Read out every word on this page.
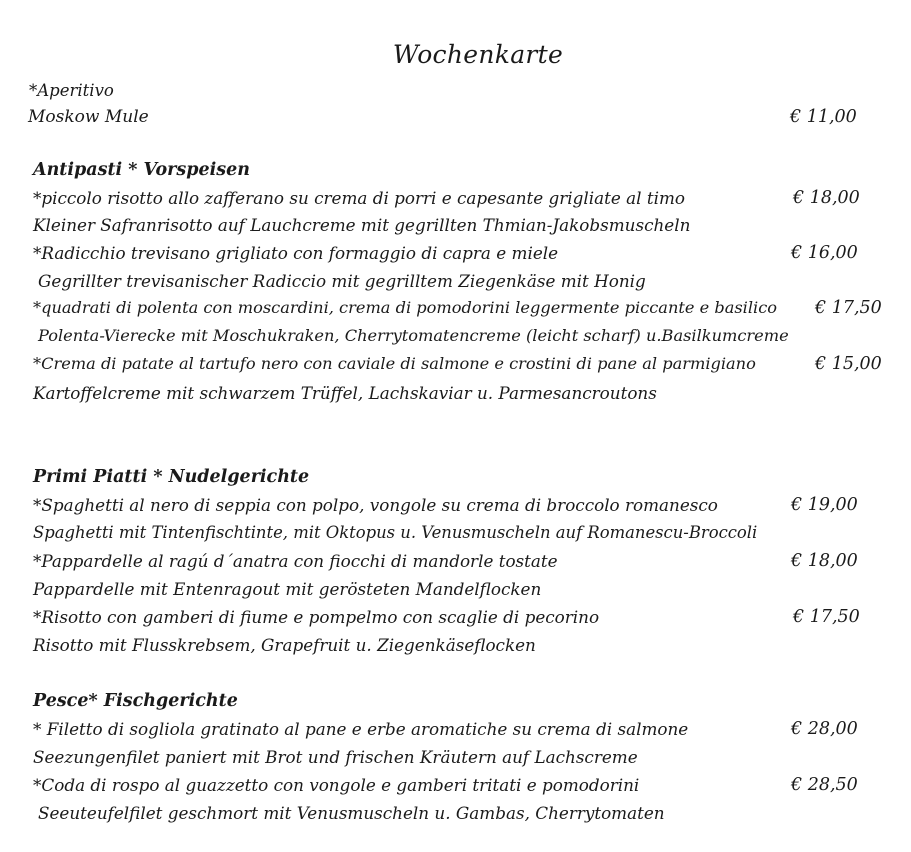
Wochenkarte
*Aperitivo
Moskow Mule	€ 11,00
Antipasti * Vorspeisen
*piccolo risotto allo zafferano su crema di porri e capesante grigliate al timo	€ 18,00
Kleiner Safranrisotto auf Lauchcreme mit gegrillten Thmian-Jakobsmuscheln
*Radicchio trevisano grigliato con formaggio di capra e miele	€ 16,00
Gegrillter trevisanischer Radiccio mit gegrilltem Ziegenkäse mit Honig
*quadrati di polenta con moscardini, crema di pomodorini leggermente piccante e basilico € 17,50
Polenta-Vierecke mit Moschukraken, Cherrytomatencreme (leicht scharf) u.Basilkumcreme
*Crema di patate al tartufo nero con caviale di salmone e crostini di pane al parmigiano	€ 15,00
Kartoffelcreme mit schwarzem Trüffel, Lachskaviar u. Parmesancroutons
Primi Piatti * Nudelgerichte
*Spaghetti al nero di seppia con polpo, vongole su crema di broccolo romanesco	€ 19,00
Spaghetti mit Tintenfischtinte, mit Oktopus u. Venusmuscheln auf Romanescu-Broccoli
*Pappardelle al ragú d´anatra con fiocchi di mandorle tostate	€ 18,00
Pappardelle mit Entenragout mit gerösteten Mandelflocken
*Risotto con gamberi di fiume e pompelmo con scaglie di pecorino	€ 17,50
Risotto mit Flusskrebsem, Grapefruit u. Ziegenkäseflocken
Pesce* Fischgerichte
* Filetto di sogliola gratinato al pane e erbe aromatiche su crema di salmone	€ 28,00
Seezungenfilet paniert mit Brot und frischen Kräutern auf Lachscreme
*Coda di rospo al guazzetto con vongole e gamberi tritati e pomodorini	€ 28,50
Seeuteufelfilet geschmort mit Venusmuscheln u. Gambas, Cherrytomaten
